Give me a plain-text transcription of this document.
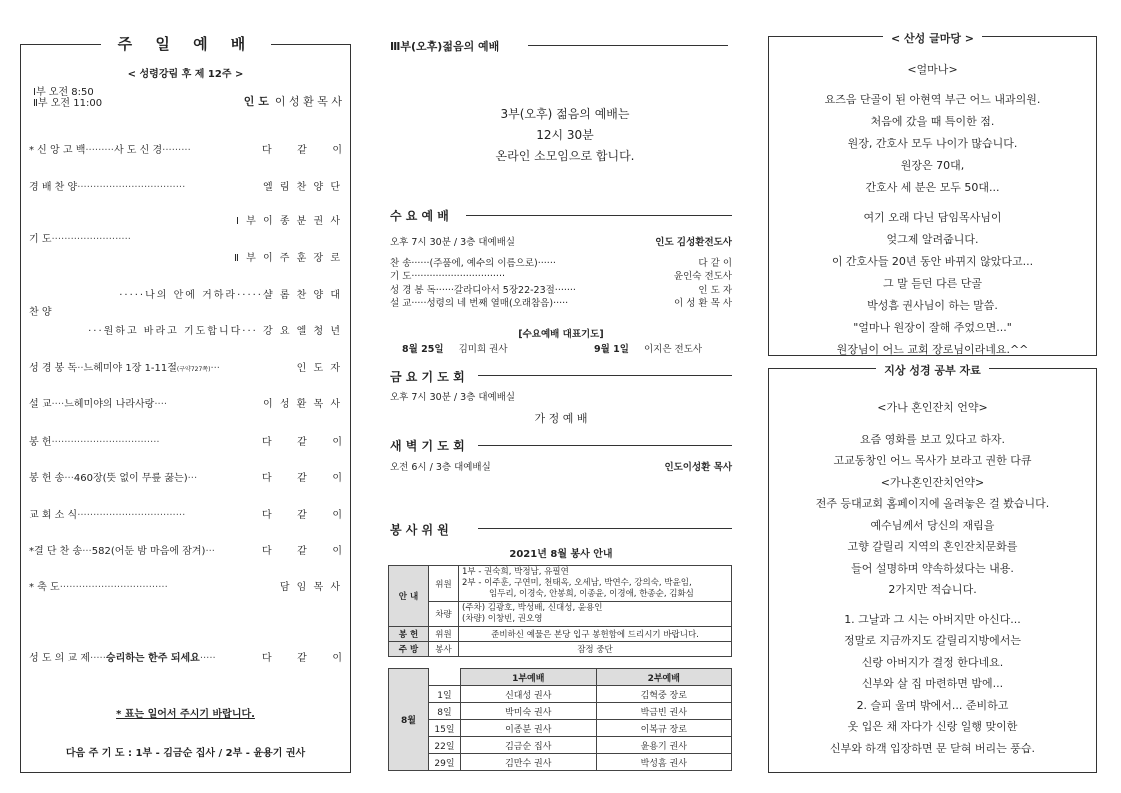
주 일 예 배
< 성령강림 후 제 12주 >
Ⅰ부 오전 8:50
Ⅱ부 오전 11:00	인 도 이 성 환 목 사
* 신 앙 고 백·········사 도 신 경·········	다	같	이
경 배 찬 양··································	엘 림 찬 양 단
Ⅰ 부 이 종 분 권 사
기 도·························
Ⅱ 부 이 주 훈 장 로
·····나의 안에 거하라·····샬 롬 찬 양 대
찬 양
···원하고 바라고 기도합니다··· 강 요 엘 청 년
성 경 봉 독··느헤미야 1장 1-11절(구약727쪽)···	인 도 자
설 교····느헤미야의 나라사랑····	이 성 환 목 사
봉 헌··································	다	같	이
봉 헌 송···460장(뜻 없이 무릎 꿇는)···	다	같	이
교 회 소 식··································	다	같	이
*결 단 찬 송···582(어둔 밤 마음에 잠겨)···	다	같	이
* 축 도··································	담 임 목 사
성 도 의 교 제·····승리하는 한주 되세요·····	다	같	이
* 표는 일어서 주시기 바랍니다.
다음 주 기 도 : 1부 - 김금순 집사 / 2부 - 윤용기 권사
Ⅲ부(오후)젊음의 예배
3부(오후) 젊음의 예배는
12시 30분
온라인 소모임으로 합니다.
수 요 예 배
오후 7시 30분 / 3층 대예배실	인도 김성환전도사
찬 송······(주품에, 예수의 이름으로)······	다 같 이
기 도·······························	윤인숙 전도사
성 경 봉 독······갈라디아서 5장22-23절·······	인 도 자
설 교·····성령의 네 번째 열매(오래참음)·····	이 성 환 목 사
[수요예배 대표기도]
8월 25일 김미희 권사	9월 1일 이지은 전도사
금 요 기 도 회
오후 7시 30분 / 3층 대예배실
가 정 예 배
새 벽 기 도 회
오전 6시 / 3층 대예배실	인도이성환 목사
봉 사 위 원
2021년 8월 봉사 안내
안 내	위원	1부 - 권숙희, 박정남, 유필연
2부 - 이주훈, 구연미, 천태옥, 오세남, 박연수, 강의숙, 박윤임,
임두리, 이경숙, 안봉희, 이종윤, 이경애, 한종순, 김화심
	차량	(주차) 김광호, 박성배, 신대성, 윤용인
(차량) 이창빈, 권오영
봉 헌	위원	준비하신 예물은 본당 입구 봉헌함에 드리시기 바랍니다.
주 방	봉사	잠정 중단
8월		1부예배	2부예배
	1일	신대성 권사	김혁중 장로
	8일	박미숙 권사	박금빈 권사
	15일	이종분 권사	이복규 장로
	22일	김금순 집사	윤용기 권사
	29일	김만수 권사	박성흠 권사
< 산성 글마당 >
<얼마나>
요즈음 단골이 된 아현역 부근 어느 내과의원.
처음에 갔을 때 특이한 점.
원장, 간호사 모두 나이가 많습니다.
원장은 70대,
간호사 세 분은 모두 50대...
여기 오래 다닌 담임목사님이
엊그제 알려줍니다.
이 간호사들 20년 동안 바뀌지 않았다고...
그 말 듣던 다른 단골
박성흠 권사님이 하는 말씀.
"얼마나 원장이 잘해 주었으면..."
원장님이 어느 교회 장로님이라네요.^^
지상 성경 공부 자료
<가나 혼인잔치 언약>
요즘 영화를 보고 있다고 하자.
고교동창인 어느 목사가 보라고 권한 다큐
<가나혼인잔치언약>
전주 등대교회 홈페이지에 올려놓은 걸 봤습니다.
예수님께서 당신의 재림을
고향 갈릴리 지역의 혼인잔치문화를
들어 설명하며 약속하셨다는 내용.
2가지만 적습니다.
1. 그날과 그 시는 아버지만 아신다...
정말로 지금까지도 갈릴리지방에서는
신랑 아버지가 결정 한다네요.
신부와 살 집 마련하면 밤에...
2. 슬피 울며 밖에서... 준비하고
옷 입은 채 자다가 신랑 일행 맞이한
신부와 하객 입장하면 문 닫혀 버리는 풍습.
